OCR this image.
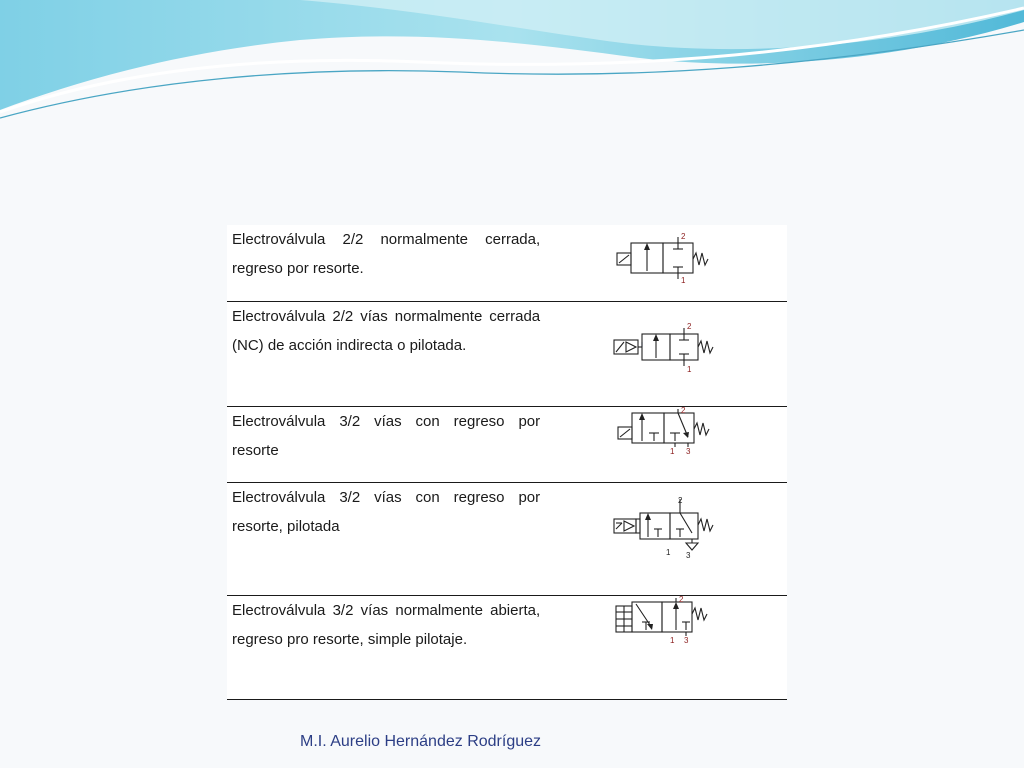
Electroválvula 2/2 normalmente cerrada, regreso por resorte.	2
1

Electroválvula 2/2 vías normalmente cerrada (NC) de acción indirecta o pilotada.	2
1

Electroválvula 3/2 vías con regreso por resorte	2
1 3

Electroválvula 3/2 vías con regreso por resorte, pilotada	2
1 3

Electroválvula 3/2 vías normalmente abierta, regreso pro resorte, simple pilotaje.	2
1 3
M.I. Aurelio Hernández Rodríguez
